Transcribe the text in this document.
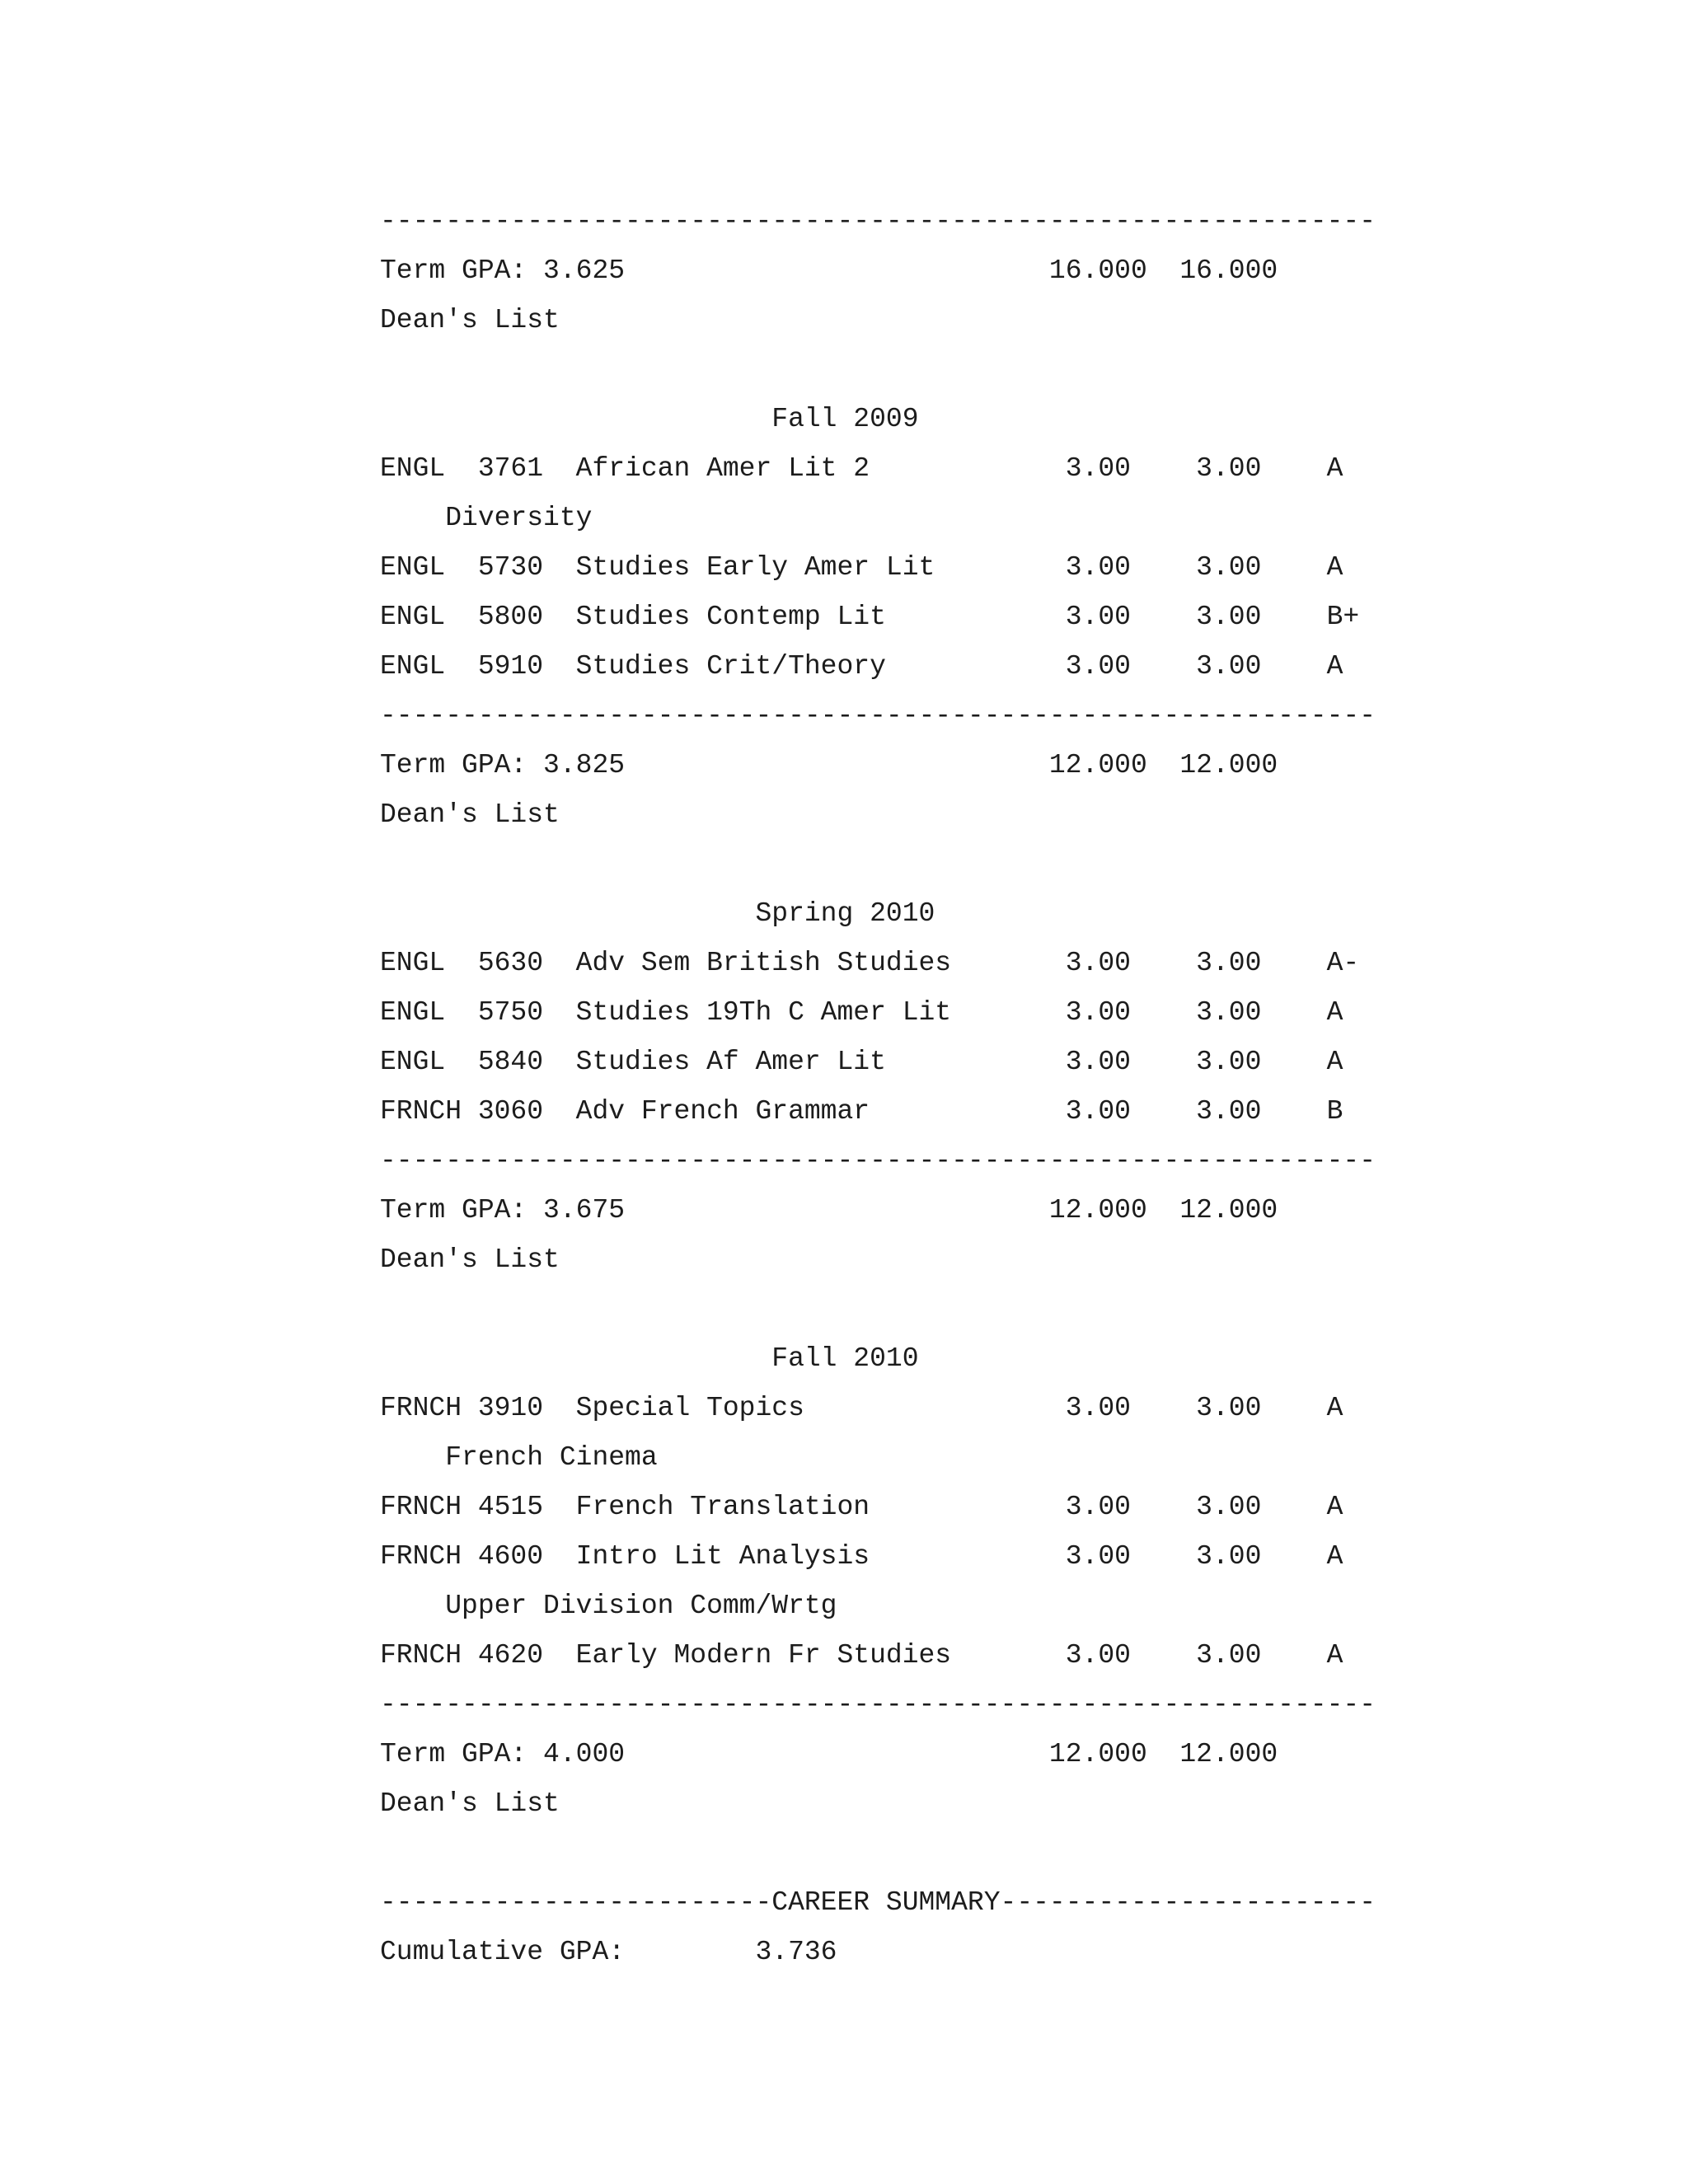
-------------------------------------------------------------
Term GPA: 3.625                          16.000  16.000
Dean's List
Fall 2009
ENGL  3761  African Amer Lit 2            3.00    3.00    A
Diversity
ENGL  5730  Studies Early Amer Lit        3.00    3.00    A
ENGL  5800  Studies Contemp Lit           3.00    3.00    B+
ENGL  5910  Studies Crit/Theory           3.00    3.00    A
-------------------------------------------------------------
Term GPA: 3.825                          12.000  12.000
Dean's List
Spring 2010
ENGL  5630  Adv Sem British Studies       3.00    3.00    A-
ENGL  5750  Studies 19Th C Amer Lit       3.00    3.00    A
ENGL  5840  Studies Af Amer Lit           3.00    3.00    A
FRNCH 3060  Adv French Grammar            3.00    3.00    B
-------------------------------------------------------------
Term GPA: 3.675                          12.000  12.000
Dean's List
Fall 2010
FRNCH 3910  Special Topics                3.00    3.00    A
French Cinema
FRNCH 4515  French Translation            3.00    3.00    A
FRNCH 4600  Intro Lit Analysis            3.00    3.00    A
Upper Division Comm/Wrtg
FRNCH 4620  Early Modern Fr Studies       3.00    3.00    A
-------------------------------------------------------------
Term GPA: 4.000                          12.000  12.000
Dean's List
------------------------CAREER SUMMARY-----------------------
Cumulative GPA:        3.736
